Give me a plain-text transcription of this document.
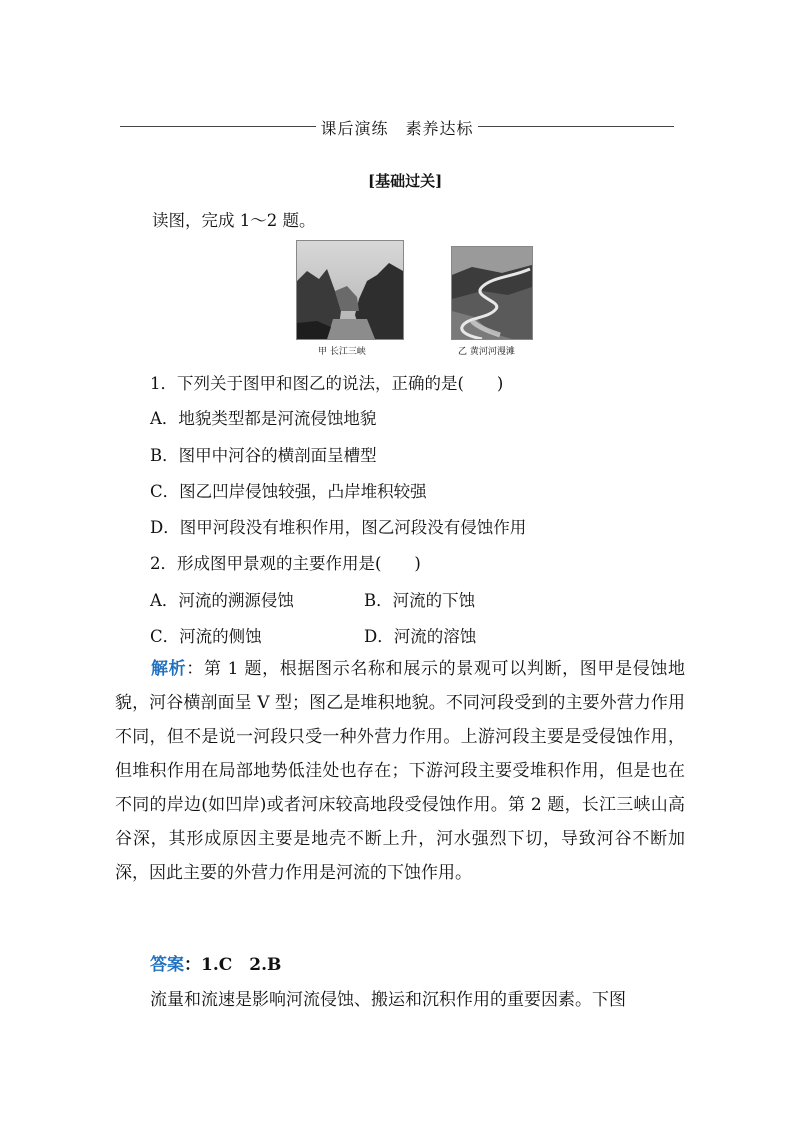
课后演练　素养达标
[基础过关]
读图，完成 1～2 题。
甲 长江三峡	乙 黄河河漫滩
1．下列关于图甲和图乙的说法，正确的是(　　)
A．地貌类型都是河流侵蚀地貌
B．图甲中河谷的横剖面呈槽型
C．图乙凹岸侵蚀较强，凸岸堆积较强
D．图甲河段没有堆积作用，图乙河段没有侵蚀作用
2．形成图甲景观的主要作用是(　　)
A．河流的溯源侵蚀	B．河流的下蚀
C．河流的侧蚀	D．河流的溶蚀
解析：第 1 题，根据图示名称和展示的景观可以判断，图甲是侵蚀地貌，河谷横剖面呈 V 型；图乙是堆积地貌。不同河段受到的主要外营力作用不同，但不是说一河段只受一种外营力作用。上游河段主要是受侵蚀作用，但堆积作用在局部地势低洼处也存在；下游河段主要受堆积作用，但是也在不同的岸边(如凹岸)或者河床较高地段受侵蚀作用。第 2 题，长江三峡山高谷深，其形成原因主要是地壳不断上升，河水强烈下切，导致河谷不断加深，因此主要的外营力作用是河流的下蚀作用。
答案：1.C　2.B
流量和流速是影响河流侵蚀、搬运和沉积作用的重要因素。下图
